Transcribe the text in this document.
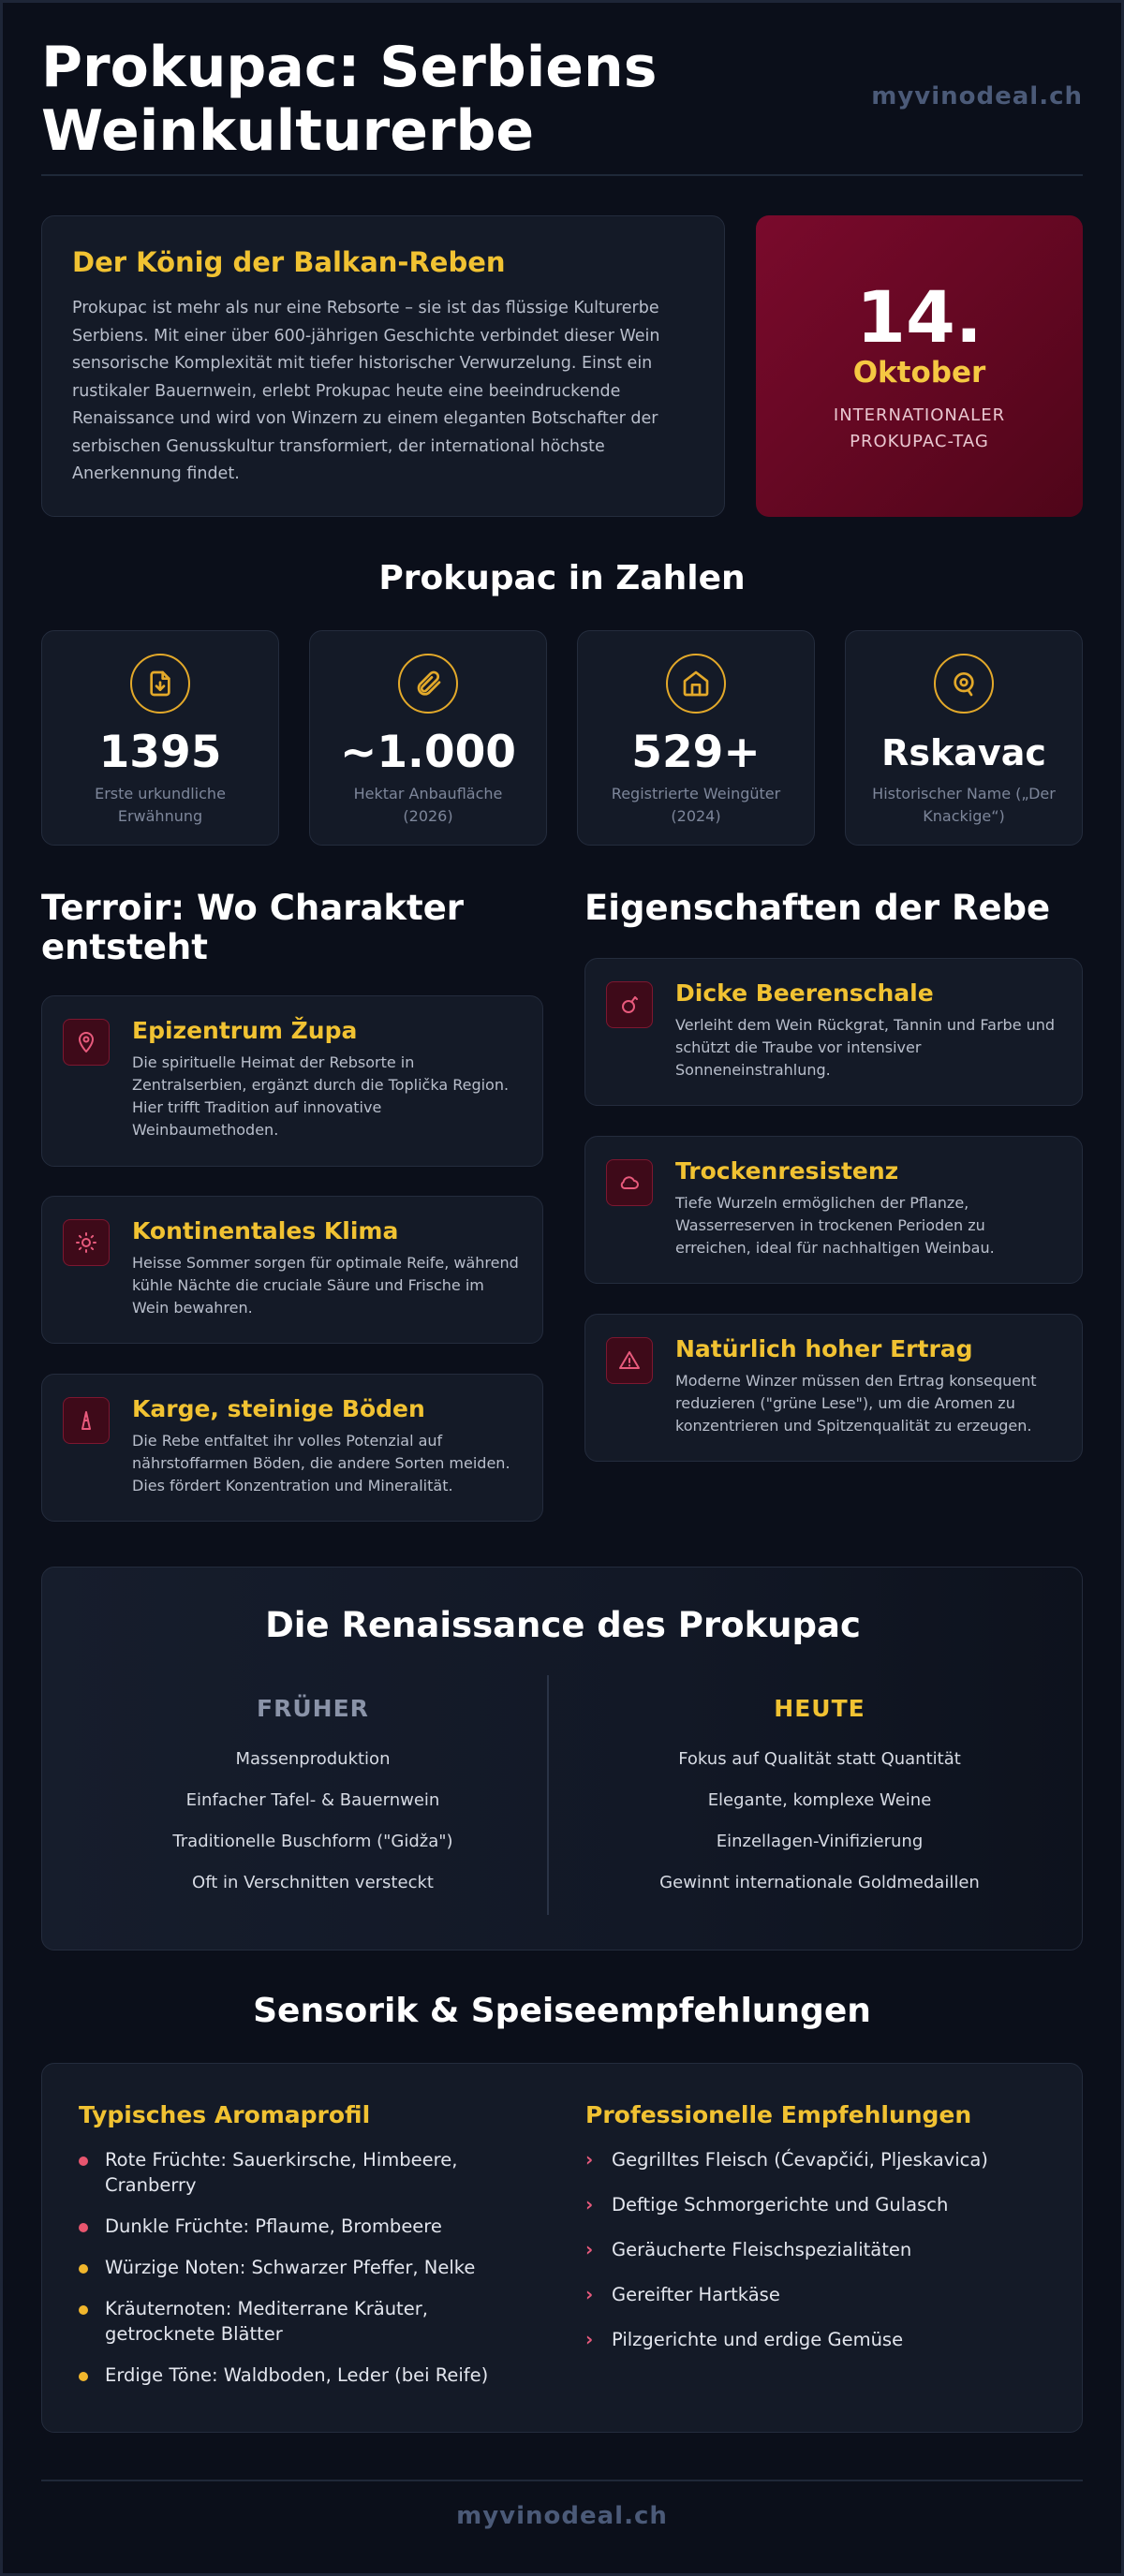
Prokupac: Serbiens Weinkulturerbe
myvinodeal.ch
Der König der Balkan-Reben

Prokupac ist mehr als nur eine Rebsorte – sie ist das flüssige Kulturerbe Serbiens. Mit einer über 600-jährigen Geschichte verbindet dieser Wein sensorische Komplexität mit tiefer historischer Verwurzelung. Einst ein rustikaler Bauernwein, erlebt Prokupac heute eine beeindruckende Renaissance und wird von Winzern zu einem eleganten Botschafter der serbischen Genusskultur transformiert, der international höchste Anerkennung findet.

14.
Oktober
INTERNATIONALER
PROKUPAC-TAG
Prokupac in Zahlen
1395
Erste urkundliche Erwähnung
~1.000
Hektar Anbaufläche (2026)
529+
Registrierte Weingüter (2024)
Rskavac
Historischer Name („Der Knackige“)
Terroir: Wo Charakter entsteht
Epizentrum Župa

Die spirituelle Heimat der Rebsorte in Zentralserbien, ergänzt durch die Toplička Region. Hier trifft Tradition auf innovative Weinbaumethoden.

Kontinentales Klima

Heisse Sommer sorgen für optimale Reife, während kühle Nächte die cruciale Säure und Frische im Wein bewahren.

Karge, steinige Böden

Die Rebe entfaltet ihr volles Potenzial auf nährstoffarmen Böden, die andere Sorten meiden. Dies fördert Konzentration und Mineralität.

Eigenschaften der Rebe
Dicke Beerenschale

Verleiht dem Wein Rückgrat, Tannin und Farbe und schützt die Traube vor intensiver Sonneneinstrahlung.

Trockenresistenz

Tiefe Wurzeln ermöglichen der Pflanze, Wasserreserven in trockenen Perioden zu erreichen, ideal für nachhaltigen Weinbau.

Natürlich hoher Ertrag

Moderne Winzer müssen den Ertrag konsequent reduzieren ("grüne Lese"), um die Aromen zu konzentrieren und Spitzenqualität zu erzeugen.

Die Renaissance des Prokupac
FRÜHER
Massenproduktion
Einfacher Tafel- & Bauernwein
Traditionelle Buschform ("Gidža")
Oft in Verschnitten versteckt
HEUTE
Fokus auf Qualität statt Quantität
Elegante, komplexe Weine
Einzellagen-Vinifizierung
Gewinnt internationale Goldmedaillen
Sensorik & Speiseempfehlungen
Typisches Aromaprofil
Rote Früchte: Sauerkirsche, Himbeere, Cranberry
Dunkle Früchte: Pflaume, Brombeere
Würzige Noten: Schwarzer Pfeffer, Nelke
Kräuternoten: Mediterrane Kräuter, getrocknete Blätter
Erdige Töne: Waldboden, Leder (bei Reife)
Professionelle Empfehlungen
› Gegrilltes Fleisch (Ćevapčići, Pljeskavica)
› Deftige Schmorgerichte und Gulasch
› Geräucherte Fleischspezialitäten
› Gereifter Hartkäse
› Pilzgerichte und erdige Gemüse
myvinodeal.ch
